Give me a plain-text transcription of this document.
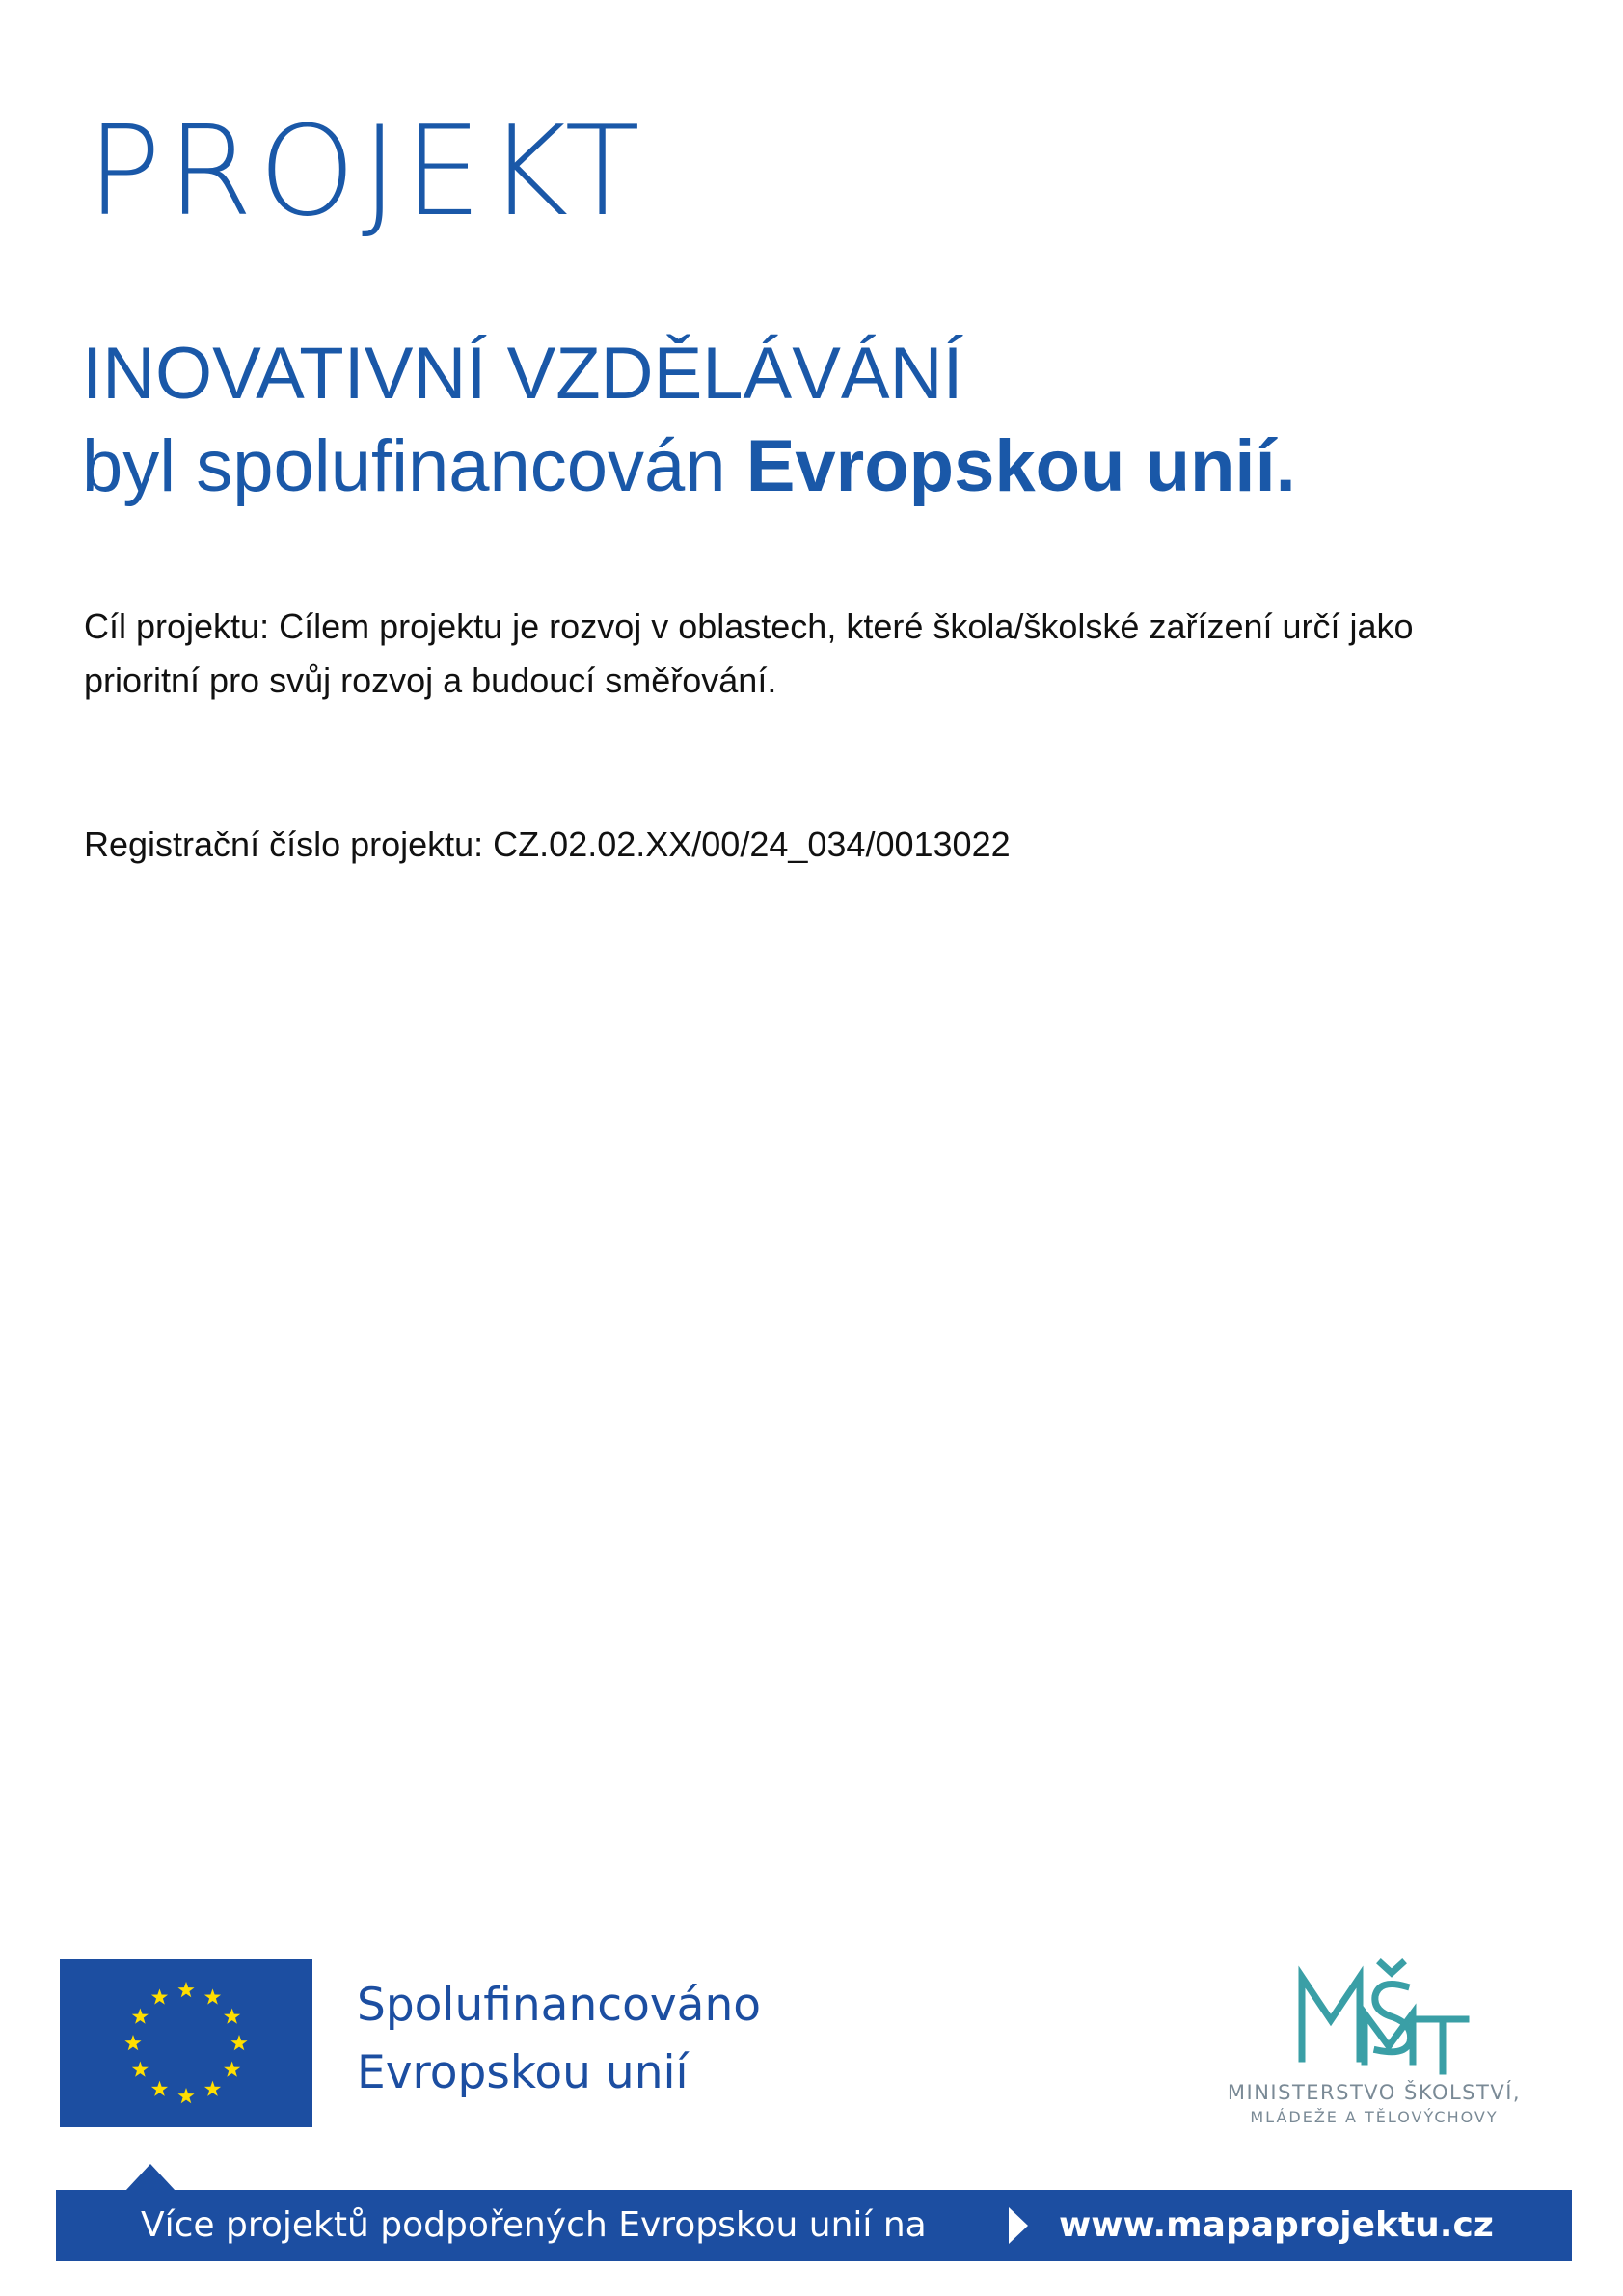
PROJEKT

INOVATIVNÍ VZDĚLÁVÁNÍ
byl spolufinancován Evropskou unií.

Cíl projektu: Cílem projektu je rozvoj v oblastech, které škola/školské zařízení určí jako prioritní pro svůj rozvoj a budoucí směřování.

Registrační číslo projektu: CZ.02.02.XX/00/24_034/0013022

Spolufinancováno
Evropskou unií	MINISTERSTVO ŠKOLSTVÍ,
MLÁDEŽE A TĚLOVÝCHOVY
Více projektů podpořených Evropskou unií na	www.mapaprojektu.cz
